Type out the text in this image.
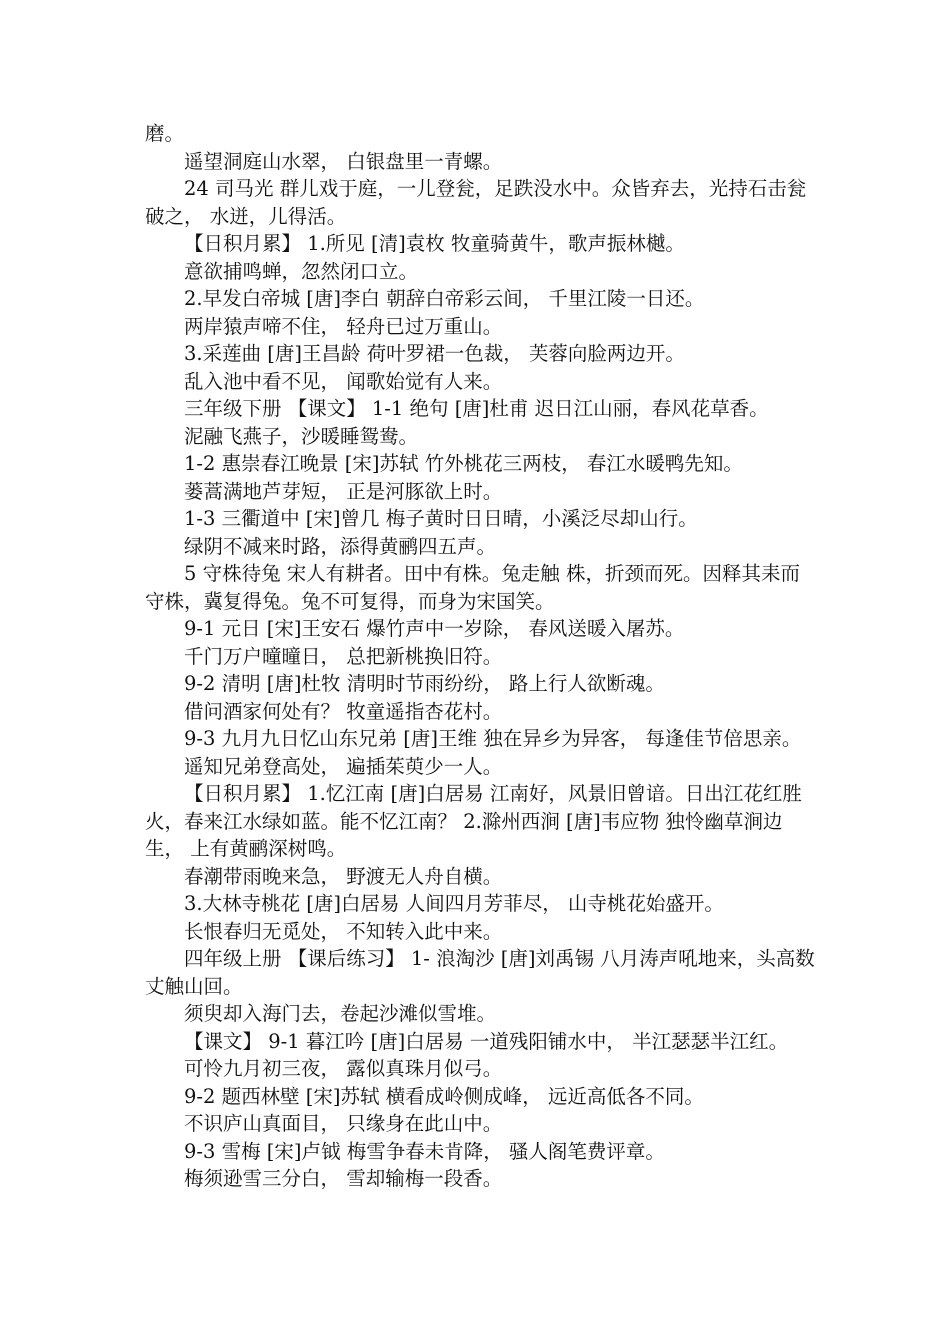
磨。

遥望洞庭山水翠， 白银盘里一青螺。

24 司马光 群儿戏于庭，一儿登瓮，足跌没水中。众皆弃去，光持石击瓮破之， 水迸，儿得活。

【日积月累】 1.所见 [清]袁枚 牧童骑黄牛，歌声振林樾。

意欲捕鸣蝉，忽然闭口立。

2.早发白帝城 [唐]李白 朝辞白帝彩云间， 千里江陵一日还。

两岸猿声啼不住， 轻舟已过万重山。

3.采莲曲 [唐]王昌龄 荷叶罗裙一色裁， 芙蓉向脸两边开。

乱入池中看不见， 闻歌始觉有人来。

三年级下册 【课文】 1-1 绝句 [唐]杜甫 迟日江山丽，春风花草香。

泥融飞燕子，沙暖睡鸳鸯。

1-2 惠崇春江晚景 [宋]苏轼 竹外桃花三两枝， 春江水暖鸭先知。

蒌蒿满地芦芽短， 正是河豚欲上时。

1-3 三衢道中 [宋]曾几 梅子黄时日日晴，小溪泛尽却山行。

绿阴不减来时路，添得黄鹂四五声。

5 守株待兔 宋人有耕者。田中有株。兔走触 株，折颈而死。因释其耒而守株，冀复得兔。兔不可复得，而身为宋国笑。

9-1 元日 [宋]王安石 爆竹声中一岁除， 春风送暖入屠苏。

千门万户曈曈日， 总把新桃换旧符。

9-2 清明 [唐]杜牧 清明时节雨纷纷， 路上行人欲断魂。

借问酒家何处有？ 牧童遥指杏花村。

9-3 九月九日忆山东兄弟 [唐]王维 独在异乡为异客， 每逢佳节倍思亲。

遥知兄弟登高处， 遍插茱萸少一人。

【日积月累】 1.忆江南 [唐]白居易 江南好，风景旧曾谙。日出江花红胜火，春来江水绿如蓝。能不忆江南？ 2.滁州西涧 [唐]韦应物 独怜幽草涧边生， 上有黄鹂深树鸣。

春潮带雨晚来急， 野渡无人舟自横。

3.大林寺桃花 [唐]白居易 人间四月芳菲尽， 山寺桃花始盛开。

长恨春归无觅处， 不知转入此中来。

四年级上册 【课后练习】 1- 浪淘沙 [唐]刘禹锡 八月涛声吼地来，头高数丈触山回。

须臾却入海门去，卷起沙滩似雪堆。

【课文】 9-1 暮江吟 [唐]白居易 一道残阳铺水中， 半江瑟瑟半江红。

可怜九月初三夜， 露似真珠月似弓。

9-2 题西林壁 [宋]苏轼 横看成岭侧成峰， 远近高低各不同。

不识庐山真面目， 只缘身在此山中。

9-3 雪梅 [宋]卢钺 梅雪争春未肯降， 骚人阁笔费评章。

梅须逊雪三分白， 雪却输梅一段香。
